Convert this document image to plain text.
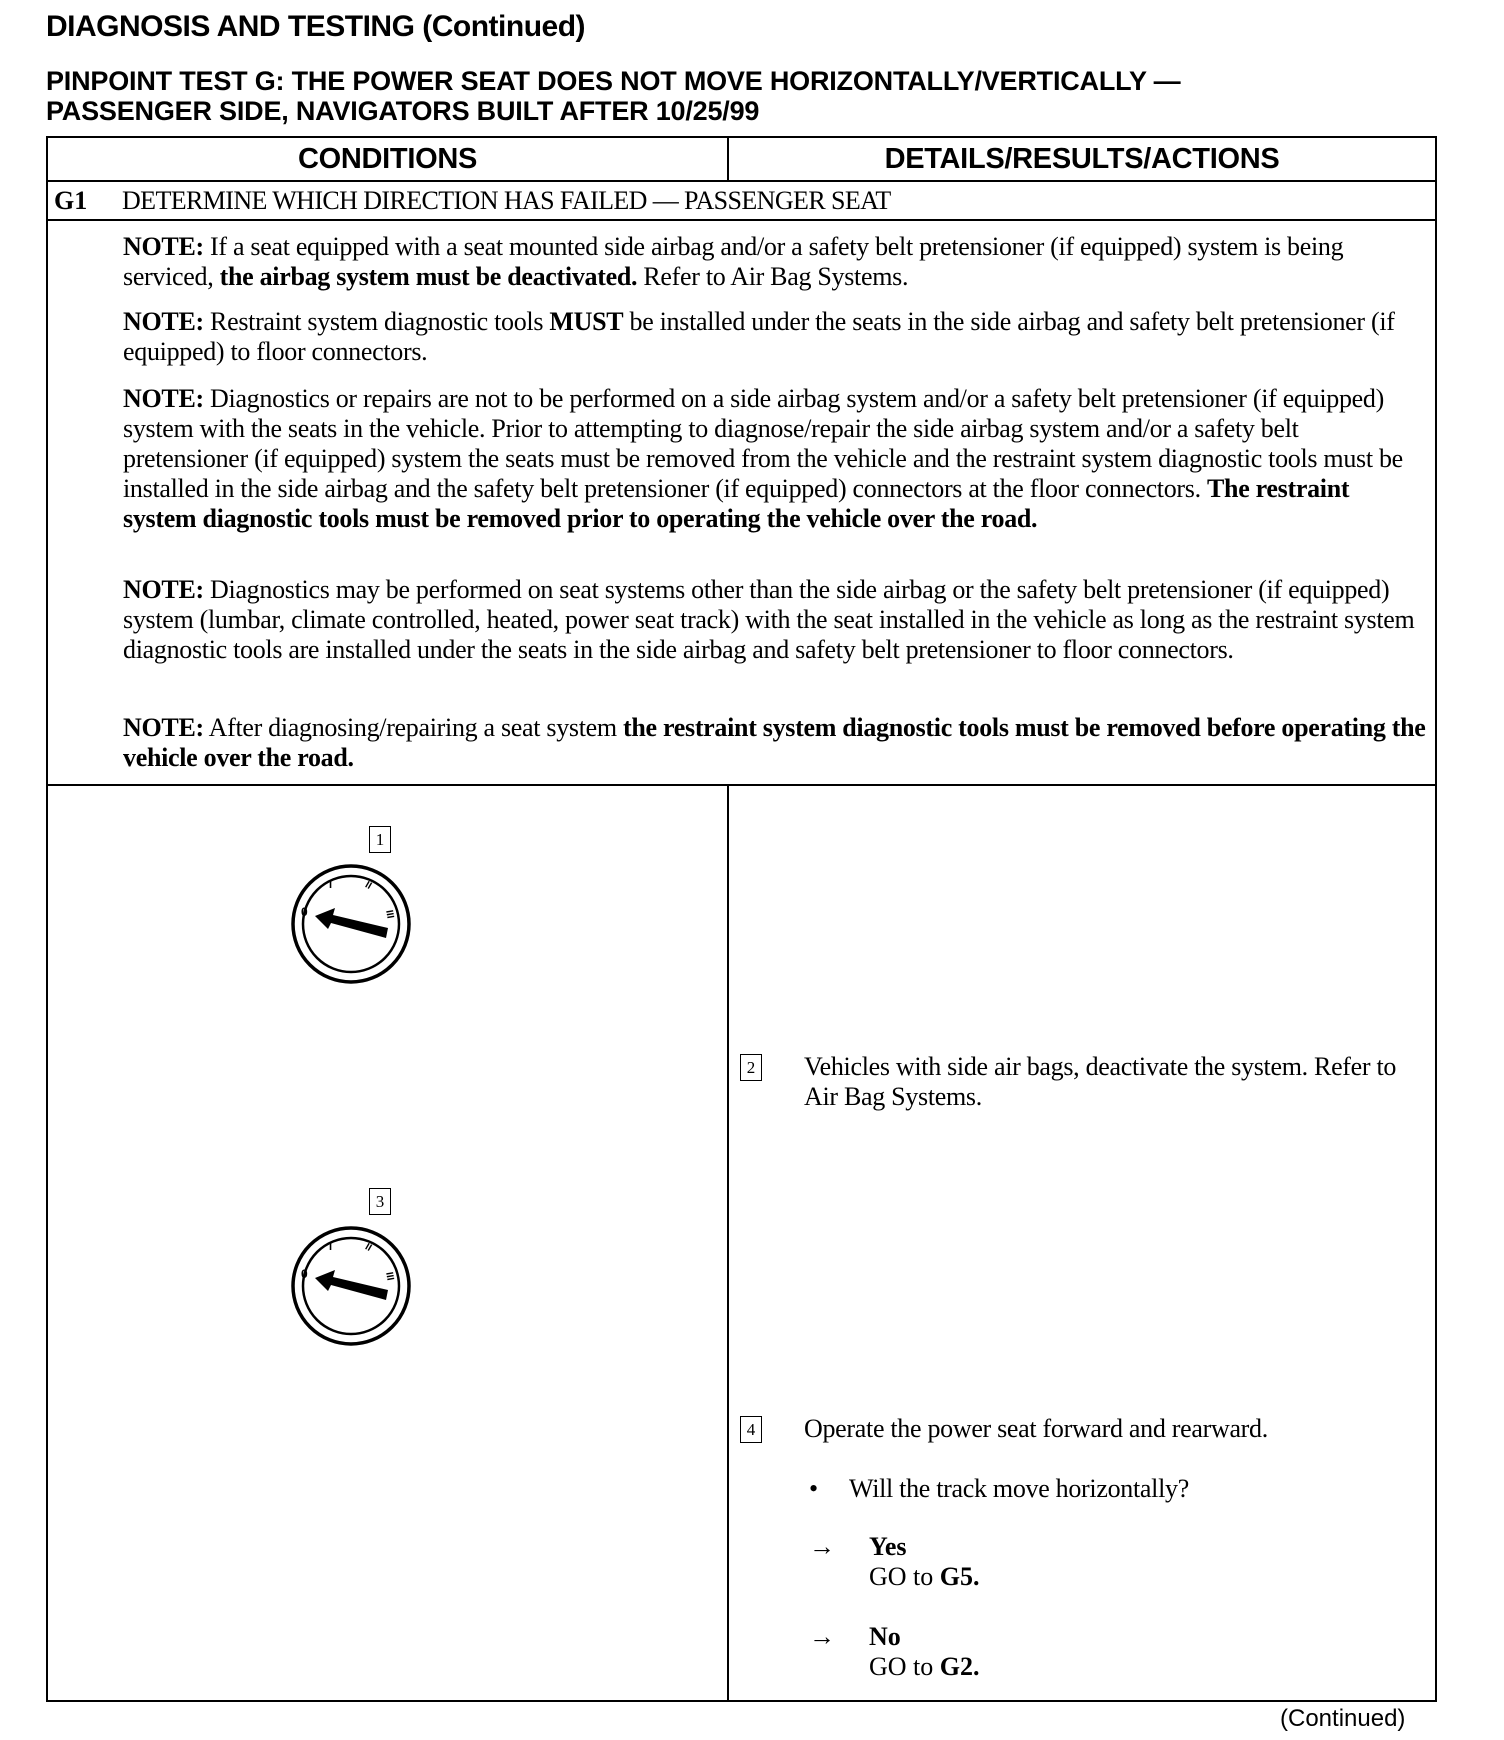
DIAGNOSIS AND TESTING (Continued)
PINPOINT TEST G: THE POWER SEAT DOES NOT MOVE HORIZONTALLY/VERTICALLY —
PASSENGER SIDE, NAVIGATORS BUILT AFTER 10/25/99
CONDITIONS	DETAILS/RESULTS/ACTIONS
G1 DETERMINE WHICH DIRECTION HAS FAILED — PASSENGER SEAT
NOTE: If a seat equipped with a seat mounted side airbag and/or a safety belt pretensioner (if equipped) system is being serviced, the airbag system must be deactivated. Refer to Air Bag Systems.
NOTE: Restraint system diagnostic tools MUST be installed under the seats in the side airbag and safety belt pretensioner (if equipped) to floor connectors.
NOTE: Diagnostics or repairs are not to be performed on a side airbag system and/or a safety belt pretensioner (if equipped) system with the seats in the vehicle. Prior to attempting to diagnose/repair the side airbag system and/or a safety belt pretensioner (if equipped) system the seats must be removed from the vehicle and the restraint system diagnostic tools must be installed in the side airbag and the safety belt pretensioner (if equipped) connectors at the floor connectors. The restraint system diagnostic tools must be removed prior to operating the vehicle over the road.
NOTE: Diagnostics may be performed on seat systems other than the side airbag or the safety belt pretensioner (if equipped) system (lumbar, climate controlled, heated, power seat track) with the seat installed in the vehicle as long as the restraint system diagnostic tools are installed under the seats in the side airbag and safety belt pretensioner to floor connectors.
NOTE: After diagnosing/repairing a seat system the restraint system diagnostic tools must be removed before operating the vehicle over the road.
1
0
I	II
III
3
0
I	II
III
2 Vehicles with side air bags, deactivate the system. Refer to Air Bag Systems.
4 Operate the power seat forward and rearward.
• Will the track move horizontally?
→ Yes
GO to G5.
→ No
GO to G2.
(Continued)
